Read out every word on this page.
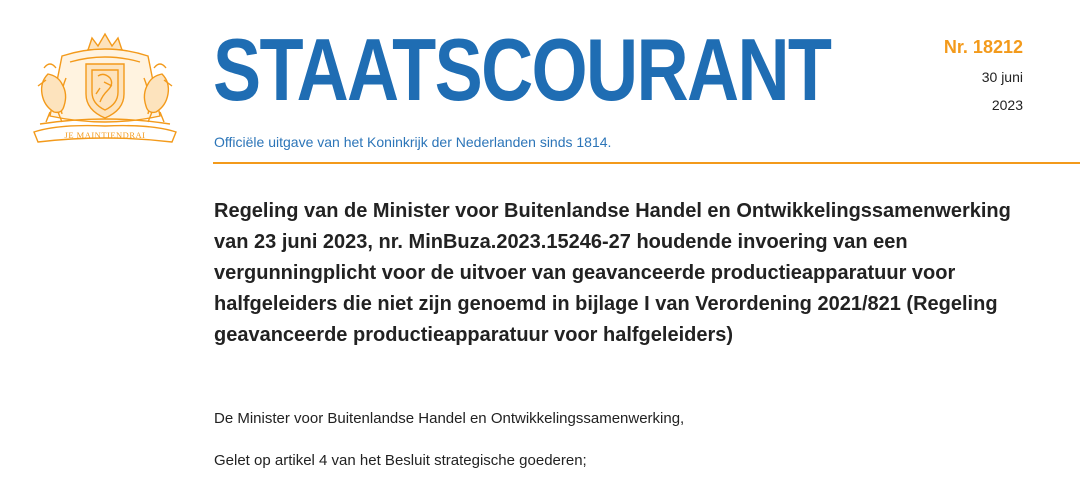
JE MAINTIENDRAI
STAATSCOURANT
Officiële uitgave van het Koninkrijk der Nederlanden sinds 1814.
Nr. 18212
30 juni
2023
Regeling van de Minister voor Buitenlandse Handel en Ontwikkelingssamenwerking van 23 juni 2023, nr. MinBuza.2023.15246-27 houdende invoering van een vergunningplicht voor de uitvoer van geavanceerde productieapparatuur voor halfgeleiders die niet zijn genoemd in bijlage I van Verordening 2021/821 (Regeling geavanceerde productieapparatuur voor halfgeleiders)

De Minister voor Buitenlandse Handel en Ontwikkelingssamenwerking,

Gelet op artikel 4 van het Besluit strategische goederen;
